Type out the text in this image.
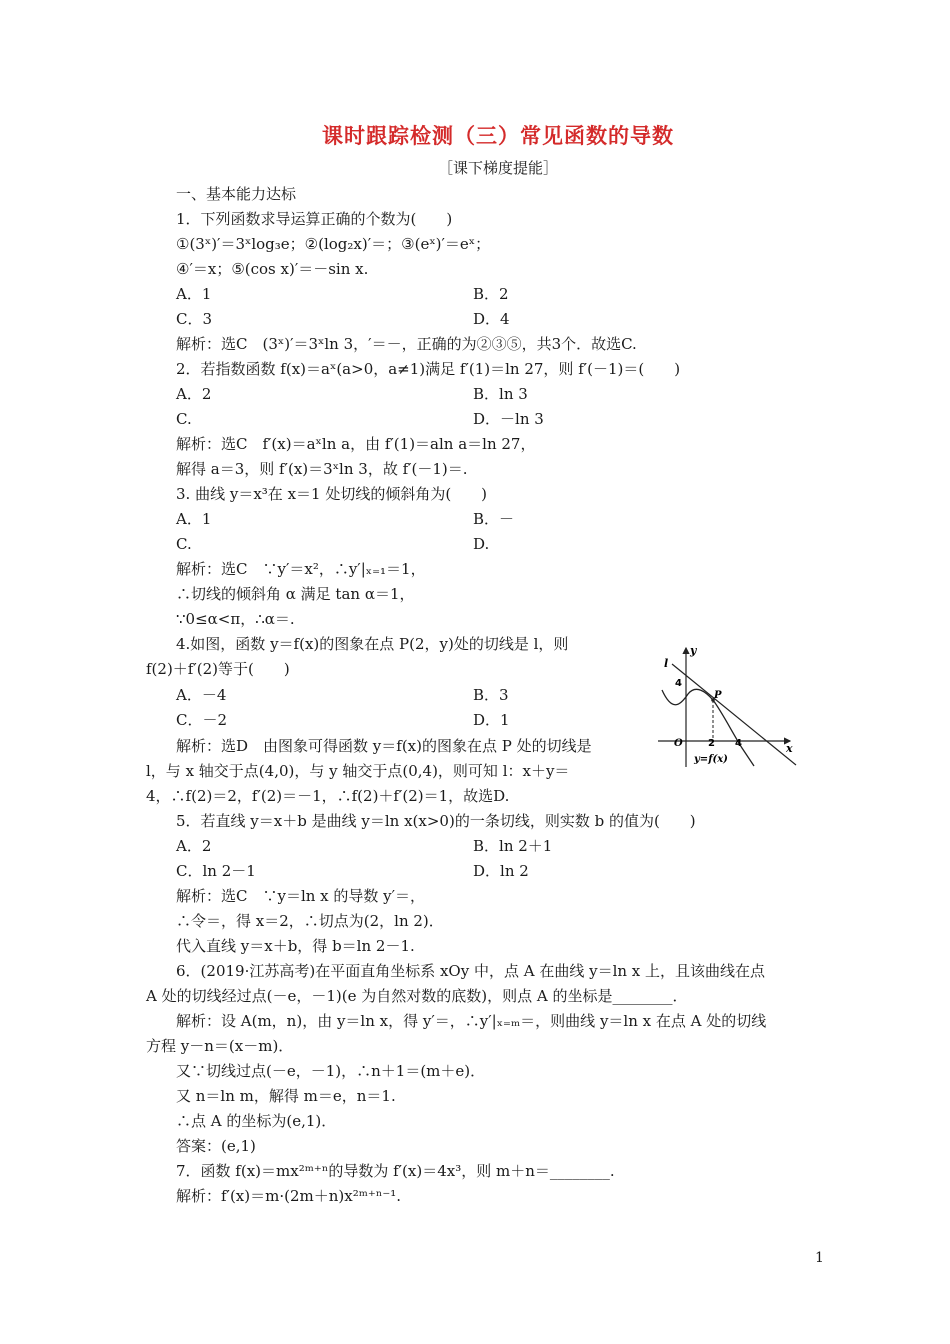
课时跟踪检测（三）常见函数的导数
［课下梯度提能］
一、基本能力达标
1．下列函数求导运算正确的个数为(　　)
①(3ˣ)′＝3ˣlog₃e；②(log₂x)′＝；③(eˣ)′＝eˣ；
④′＝x；⑤(cos x)′＝－sin x.
A．1	B．2
C．3	D．4
解析：选C　(3ˣ)′＝3ˣln 3，′＝－，正确的为②③⑤，共3个．故选C.
2．若指数函数 f(x)＝aˣ(a>0，a≠1)满足 f′(1)＝ln 27，则 f′(－1)＝(　　)
A．2	B．ln 3
C.	D．－ln 3
解析：选C　f′(x)＝aˣln a，由 f′(1)＝aln a＝ln 27，
解得 a＝3，则 f′(x)＝3ˣln 3，故 f′(－1)＝.
3. 曲线 y＝x³在 x＝1 处切线的倾斜角为(　　)
A．1	B．－
C.	D.
解析：选C　∵y′＝x²，∴y′|ₓ₌₁＝1，
∴切线的倾斜角 α 满足 tan α＝1，
∵0≤α<π，∴α＝.
4.如图，函数 y＝f(x)的图象在点 P(2，y)处的切线是 l，则
f(2)＋f′(2)等于(　　)
A．－4	B．3
C．－2	D．1
解析：选D　由图象可得函数 y＝f(x)的图象在点 P 处的切线是
l，与 x 轴交于点(4,0)，与 y 轴交于点(0,4)，则可知 l：x＋y＝
4，∴f(2)＝2，f′(2)＝－1，∴f(2)＋f′(2)＝1，故选D.
y
x
l
4
P
O	2 4
y=f(x)
5．若直线 y＝x＋b 是曲线 y＝ln x(x>0)的一条切线，则实数 b 的值为(　　)
A．2	B．ln 2＋1
C．ln 2－1	D．ln 2
解析：选C　∵y＝ln x 的导数 y′＝，
∴令＝，得 x＝2，∴切点为(2，ln 2)．
代入直线 y＝x＋b，得 b＝ln 2－1.
6．(2019·江苏高考)在平面直角坐标系 xOy 中，点 A 在曲线 y＝ln x 上，且该曲线在点
A 处的切线经过点(－e，－1)(e 为自然对数的底数)，则点 A 的坐标是________．
解析：设 A(m，n)，由 y＝ln x，得 y′＝，∴y′|ₓ₌ₘ＝，则曲线 y＝ln x 在点 A 处的切线
方程 y－n＝(x－m)．
又∵切线过点(－e，－1)，∴n＋1＝(m＋e)．
又 n＝ln m，解得 m＝e，n＝1.
∴点 A 的坐标为(e,1)．
答案：(e,1)
7．函数 f(x)＝mx²ᵐ⁺ⁿ的导数为 f′(x)＝4x³，则 m＋n＝________.
解析：f′(x)＝m·(2m＋n)x²ᵐ⁺ⁿ⁻¹.
1
